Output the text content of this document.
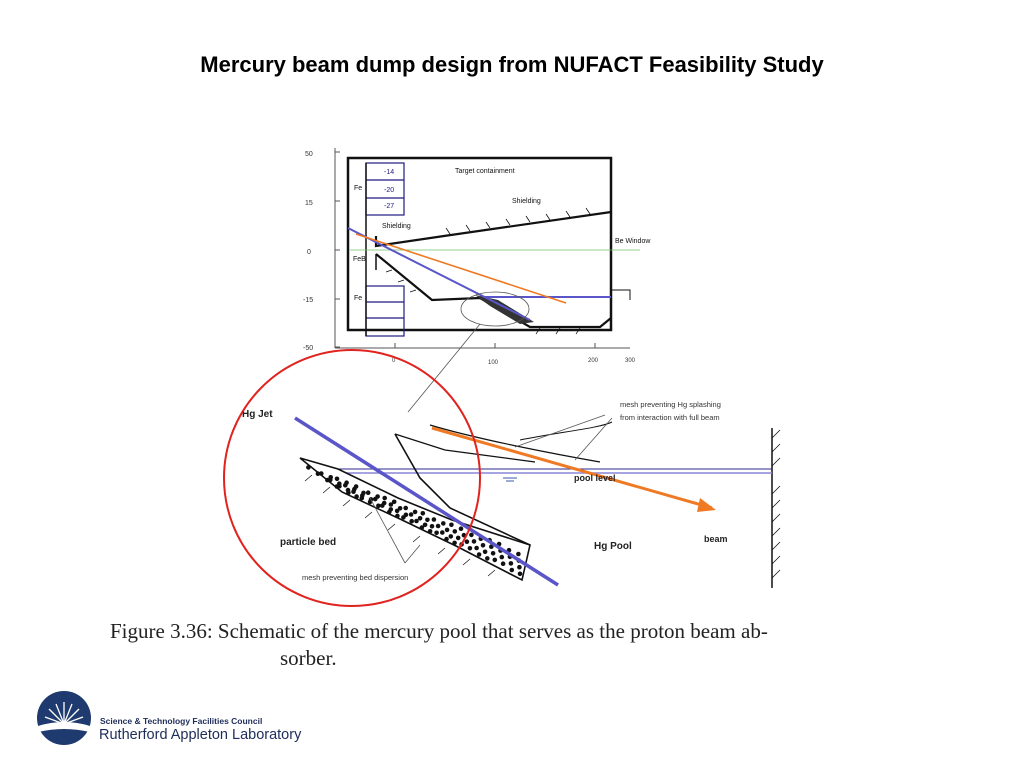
Mercury beam dump design from NUFACT Feasibility Study
50
15
0
-15
-50
0	100	200	300
-14
-20
-27
Fe
FeB
Fe
Target containment
Shielding
Shielding
Be Window
Hg Jet
mesh preventing Hg splashing
from interaction with full beam
pool level
beam
Hg Pool
particle bed
mesh preventing bed dispersion
Figure 3.36: Schematic of the mercury pool that serves as the proton beam ab-
sorber.
Science & Technology Facilities Council
Rutherford Appleton Laboratory
